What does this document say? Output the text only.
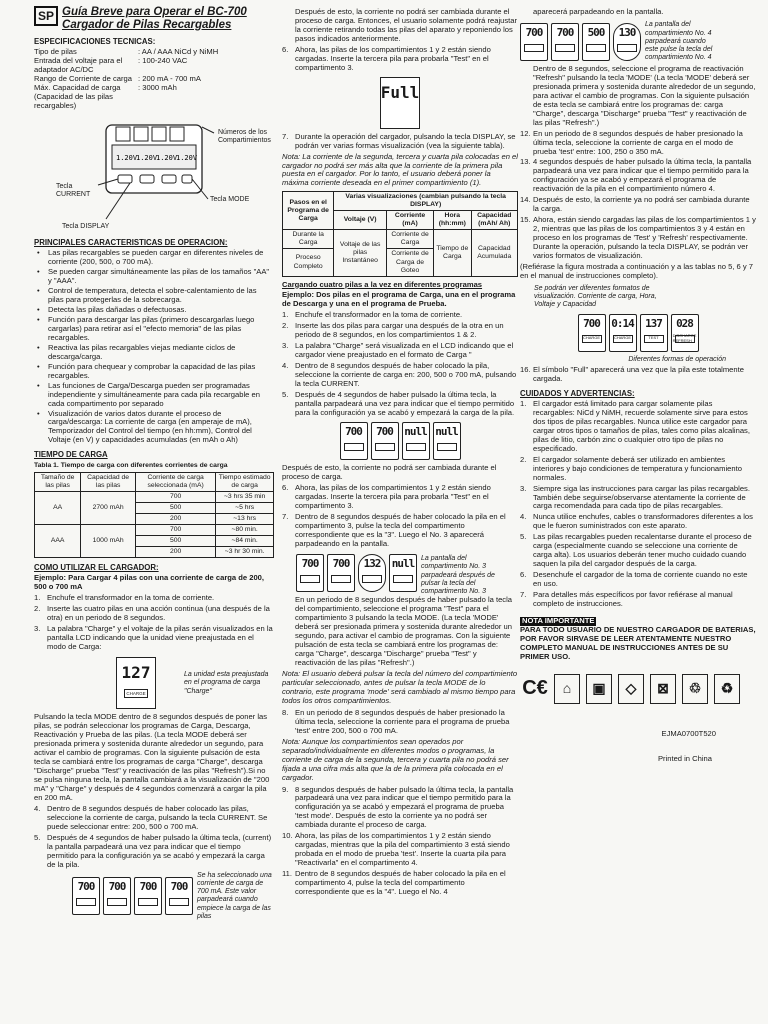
SP Guía Breve para Operar el BC-700 Cargador de Pilas Recargables
ESPECIFICACIONES TECNICAS:
Tipo de pilas	: AA / AAA NiCd y NiMH
Entrada del voltaje para el adaptador AC/DC
: 100-240 VAC
Rango de Corriente de carga : 200 mA - 700 mA
Máx. Capacidad de carga (Capacidad de las pilas recargables)
: 3000 mAh
1.20V
1.20V
1.20V
1.20V
Números de los Compartimientos
Tecla CURRENT
Tecla MODE
Tecla DISPLAY
PRINCIPALES CARACTERISTICAS DE OPERACION:
• Las pilas recargables se pueden cargar en diferentes niveles de corriente (200, 500, o 700 mA).
• Se pueden cargar simultáneamente las pilas de los tamaños "AA" y "AAA".
• Control de temperatura, detecta el sobre-calentamiento de las pilas para protegerlas de la sobrecarga.
• Detecta las pilas dañadas o defectuosas.
• Función para descargar las pilas (primero descargarlas luego cargarlas) para retirar así el "efecto memoria" de las pilas recargables.
• Reactiva las pilas recargables viejas mediante ciclos de descarga/carga.
• Función para chequear y comprobar la capacidad de las pilas recargables.
• Las funciones de Carga/Descarga pueden ser programadas independiente y simultáneamente para cada pila recargable en cada compartimento por separado
• Visualización de varios datos durante el proceso de carga/descarga: La corriente de carga (en amperaje de mA), Temporizador del Control del tiempo (en hh:mm), Control del Voltaje (en V) y capacidades acumuladas (en mAh o Ah)
TIEMPO DE CARGA
Tabla 1. Tiempo de carga con diferentes corrientes de carga
Tamaño de las pilas	Capacidad de las pilas	Corriente de carga seleccionada (mA)	Tiempo estimado de carga
AA	2700 mAh	700	~3 hrs 35 min
		500	~5 hrs
		200	~13 hrs
AAA	1000 mAh	700	~80 min.
		500	~84 min.
		200	~3 hr 30 min.
COMO UTILIZAR EL CARGADOR:

Ejemplo: Para Cargar 4 pilas con una corriente de carga de 200, 500 o 700 mA

1. Enchufe el transformador en la toma de corriente.
2. Inserte las cuatro pilas en una acción continua (una después de la otra) en un periodo de 8 segundos.
3. La palabra "Charge" y el voltaje de la pilas serán visualizados en la pantalla LCD indicando que la unidad viene preajustada en el modo de Carga:
127
CHARGE
La unidad esta preajustada en el programa de carga "Charge"

Pulsando la tecla MODE dentro de 8 segundos después de poner las pilas, se podrán seleccionar los programas de Carga, Descarga, Reactivación y Prueba de las pilas. (La tecla MODE deberá ser presionada primera y sostenida durante alrededor un segundo, para activar el cambio de programas. Con la siguiente pulsación de esta tecla se cambiará entre los programas de carga "Charge", descarga "Discharge" prueba "Test" y reactivación de las pilas "Refresh").Si no se pulsa ninguna tecla, la pantalla cambiará a la visualización de "200 mA" y "Charge" y después de 4 segundos comenzará a cargar la pila en 200 mA.

4. Dentro de 8 segundos después de haber colocado las pilas, seleccione la corriente de carga, pulsando la tecla CURRENT. Se puede seleccionar entre: 200, 500 o 700 mA.
5. Después de 4 segundos de haber pulsado la última tecla, (current) la pantalla parpadeará una vez para indicar que el tiempo permitido para la configuración ya se acabó y empezará la carga de la pila.
700 700 700 700
Se ha seleccionado una corriente de carga de 700 mA. Este valor parpadeará cuando empiece la carga de las pilas

Después de esto, la corriente no podrá ser cambiada durante el proceso de carga. Entonces, el usuario solamente podrá reajustar la corriente retirando todas las pilas del aparato y reponiendo los pasos indicados anteriormente.

6. Ahora, las pilas de los compartimientos 1 y 2 están siendo cargadas. Inserte la tercera pila para probarla "Test" en el compartimento 3.
Full
7. Durante la operación del cargador, pulsando la tecla DISPLAY, se podrán ver varias formas visualización (vea la siguiente tabla).

Nota: La corriente de la segunda, tercera y cuarta pila colocadas en el cargador no podrá ser más alta que la corriente de la primera pila puesta en el cargador. Por lo tanto, el usuario deberá poner la máxima corriente deseada en el primer compartimiento (1).

Pasos en el Programa de Carga	Varias visualizaciones (cambian pulsando la tecla DISPLAY)			
	Voltaje (V)	Corriente (mA)	Hora (hh:mm)	Capacidad (mAh/ Ah)
Durante la Carga	Voltaje de las pilas Instantáneo	Corriente de Carga	Tiempo de Carga	Capacidad Acumulada
Proceso Completo		Corriente de Carga de Goteo		

Cargando cuatro pilas a la vez en diferentes programas

Ejemplo: Dos pilas en el programa de Carga, una en el programa de Descarga y una en el programa de Prueba.

1. Enchufe el transformador en la toma de corriente.
2. Inserte las dos pilas para cargar una después de la otra en un periodo de 8 segundos, en los compartimientos 1 & 2.
3. La palabra "Charge" será visualizada en el LCD indicando que el cargador viene preajustado en el formato de Carga "
4. Dentro de 8 segundos después de haber colocado la pila, seleccione la corriente de carga en: 200, 500 o 700 mA, pulsando la tecla CURRENT.
5. Después de 4 segundos de haber pulsado la última tecla, la pantalla parpadeará una vez para indicar que el tiempo permitido para la configuración ya se acabó y empezará la carga de la pila.
700 700 null null

Después de esto, la corriente no podrá ser cambiada durante el proceso de carga.

6. Ahora, las pilas de los compartimientos 1 y 2 están siendo cargadas. Inserte la tercera pila para probarla "Test" en el compartimento 3.
7. Dentro de 8 segundos después de haber colocado la pila en el compartimento 3, pulse la tecla del compartimento correspondiente que es la "3". Luego el No. 3 aparecerá parpadeando en la pantalla.
700 700 132 null La pantalla del compartimento No. 3 parpadeará después de pulsar la tecla del compartimento No. 3

En un periodo de 8 segundos después de haber pulsado la tecla del compartimiento, seleccione el programa "Test" para el compartimiento 3 pulsando la tecla MODE. (La tecla 'MODE' deberá ser presionada primera y sostenida durante alrededor un segundo, para activar el cambio de programas. Con la siguiente pulsación de esta tecla se cambiará entre los programas de: carga "Charge", descarga "Discharge" prueba "Test" y reactivación de las pilas "Refresh".)

Nota: El usuario deberá pulsar la tecla del número del compartimiento particular seleccionado, antes de pulsar la tecla MODE de lo contrario, este programa 'mode' será cambiado al mismo tiempo para todos los otros compartimientos.

8. En un periodo de 8 segundos después de haber presionado la última tecla, seleccione la corriente para el programa de prueba 'test' entre 200, 500 o 700 mA.

Nota: Aunque los compartimientos sean operados por separado/individualmente en diferentes modos o programas, la corriente de carga de la segunda, tercera y cuarta pila no podrá ser fijada a una cifra más alta que la de la primera pila colocada en el cargador.

9. 8 segundos después de haber pulsado la última tecla, la pantalla parpadeará una vez para indicar que el tiempo permitido para la configuración ya se acabó y empezará el programa de prueba 'test mode'. Después de esto la corriente ya no podrá ser cambiada durante el proceso de carga.
10. Ahora, las pilas de los compartimientos 1 y 2 están siendo cargadas, mientras que la pila del compartimiento 3 está siendo probada en el modo de prueba 'test'. Inserte la cuarta pila para "Reactivarla" en el compartimento 4.
11. Dentro de 8 segundos después de haber colocado la pila en el compartimento 4, pulse la tecla del compartimento correspondiente que es la "4". Luego el No. 4

aparecerá parpadeando en la pantalla.

700 700 500 130
La pantalla del compartimiento No. 4 parpadeará cuando este pulse la tecla del compartimiento No. 4

Dentro de 8 segundos, seleccione el programa de reactivación "Refresh" pulsando la tecla 'MODE' (La tecla 'MODE' deberá ser presionada primera y sostenida durante alrededor de un segundo, para activar el cambio de programas. Con la siguiente pulsación de esta tecla se cambiará entre los programas de: carga "Charge", descarga "Discharge" prueba "Test" y reactivación de las pilas "Refresh".)

12. En un periodo de 8 segundos después de haber presionado la última tecla, seleccione la corriente de carga en el modo de prueba 'test' entre: 100, 250 o 350 mA.
13. 4 segundos después de haber pulsado la última tecla, la pantalla parpadeará una vez para indicar que el tiempo permitido para la configuración ya se acabó y empezará el programa de reactivación de la pila en el compartimiento número 4.
14. Después de esto, la corriente ya no podrá ser cambiada durante la carga.
15. Ahora, están siendo cargadas las pilas de los compartimientos 1 y 2, mientras que las pilas de los compartimientos 3 y 4 están en proceso en los programas de 'Test' y 'Refresh' respectivamente. Durante la operación, pulsando la tecla DISPLAY, se podrán ver varios formatos de visualización.

(Refiérase la figura mostrada a continuación y a las tablas no 5, 6 y 7 en el manual de instrucciones completo).

Se podrán ver diferentes formatos de visualización. Corriente de carga, Hora, Voltaje y Capacidad

700
CHARGE
0:14
CHARGE
137
TEST
028
DISCHARGE REFRESH

Diferentes formas de operación

16. El símbolo "Full" aparecerá una vez que la pila este totalmente cargada.
CUIDADOS Y ADVERTENCIAS:
1. El cargador está limitado para cargar solamente pilas recargables: NiCd y NiMH, recuerde solamente sirve para estos dos tipos de pilas recargables. Nunca utilice este cargador para cargar otros tipos o tamaños de pilas, tales como pilas alcalinas, pilas de litio, carbón zinc o cualquier otro tipo de pilas no especificado.
2. El cargador solamente deberá ser utilizado en ambientes interiores y bajo condiciones de temperatura y funcionamiento normales.
3. Siempre siga las instrucciones para cargar las pilas recargables. También debe seguirse/observarse atentamente la corriente de carga recomendada para cada tipo de pilas recargables.
4. Nunca utilice enchufes, cables o transformadores diferentes a los que le fueron suministrados con este aparato.
5. Las pilas recargables pueden recalentarse durante el proceso de carga (especialmente cuando se seleccione una corriente de carga alta). Los usuarios deberán tener mucho cuidado cuando saquen la pila del cargador después de la carga.
6. Desenchufe el cargador de la toma de corriente cuando no este en uso.
7. Para detalles más específicos por favor refiérase al manual completo de instrucciones.
NOTA IMPORTANTE

PARA TODO USUARIO DE NUESTRO CARGADOR DE BATERIAS, POR FAVOR SIRVASE DE LEER ATENTAMENTE NUESTRO COMPLETO MANUAL DE INSTRUCCIONES ANTES DE SU PRIMER USO.

C€	⌂	▣	◇	⊠	♲	♻

EJMA0700T520

Printed in China
